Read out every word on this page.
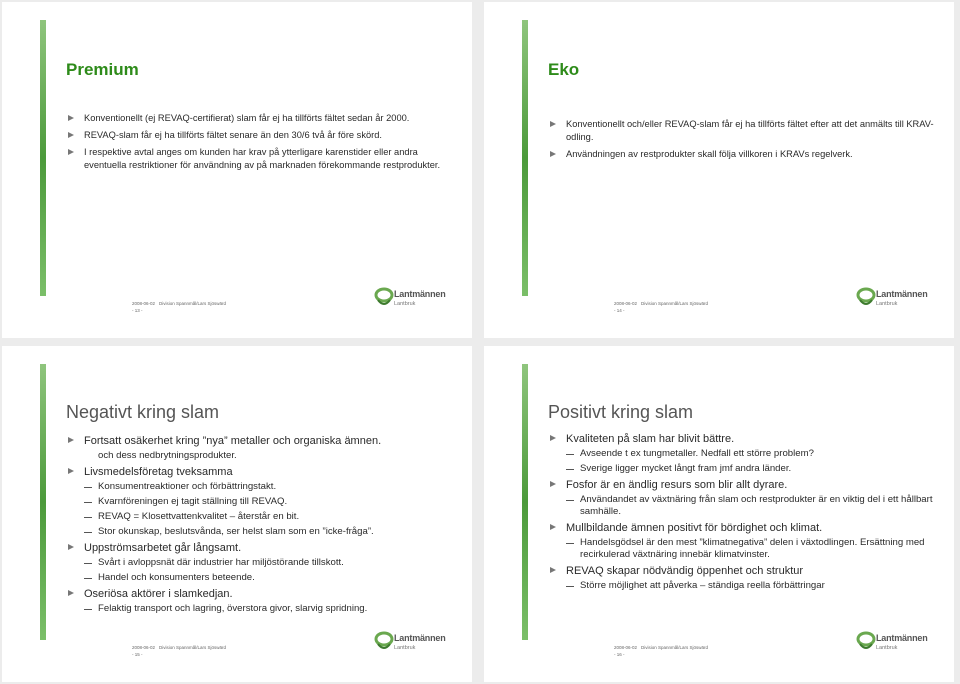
Premium
Konventionellt (ej REVAQ-certifierat) slam får ej ha tillförts fältet sedan år 2000.
REVAQ-slam får ej ha tillförts fältet senare än den 30/6 två år före skörd.
I respektive avtal anges om kunden har krav på ytterligare karenstider eller andra eventuella restriktioner för användning av på marknaden förekommande restprodukter.
2008-06-02 Division Spannmål/Lars Sjöswärd
- 13 -
Lantmännen
Lantbruk
Eko
Konventionellt och/eller REVAQ-slam får ej ha tillförts fältet efter att det anmälts till KRAV-odling.
Användningen av restprodukter skall följa villkoren i KRAVs regelverk.
2008-06-02 Division Spannmål/Lars Sjöswärd
- 14 -
Lantmännen
Lantbruk
Negativt kring slam
Fortsatt osäkerhet kring ”nya” metaller och organiska ämnen.
och dess nedbrytningsprodukter.
Livsmedelsföretag tveksamma
Konsumentreaktioner och förbättringstakt.
Kvarnföreningen ej tagit ställning till REVAQ.
REVAQ = Klosettvattenkvalitet – återstår en bit.
Stor okunskap, beslutsvånda, ser helst slam som en ”icke-fråga”.
Uppströmsarbetet går långsamt.
Svårt i avloppsnät där industrier har miljöstörande tillskott.
Handel och konsumenters beteende.
Oseriösa aktörer i slamkedjan.
Felaktig transport och lagring, överstora givor, slarvig spridning.
2008-06-02 Division Spannmål/Lars Sjöswärd
- 15 -
Lantmännen
Lantbruk
Positivt kring slam
Kvaliteten på slam har blivit bättre.
Avseende t ex tungmetaller. Nedfall ett större problem?
Sverige ligger mycket långt fram jmf andra länder.
Fosfor är en ändlig resurs som blir allt dyrare.
Användandet av växtnäring från slam och restprodukter är en viktig del i ett hållbart samhälle.
Mullbildande ämnen positivt för bördighet och klimat.
Handelsgödsel är den mest ”klimatnegativa” delen i växtodlingen. Ersättning med recirkulerad växtnäring innebär klimatvinster.
REVAQ skapar nödvändig öppenhet och struktur
Större möjlighet att påverka – ständiga reella förbättringar
2008-06-02 Division Spannmål/Lars Sjöswärd
- 16 -
Lantmännen
Lantbruk
